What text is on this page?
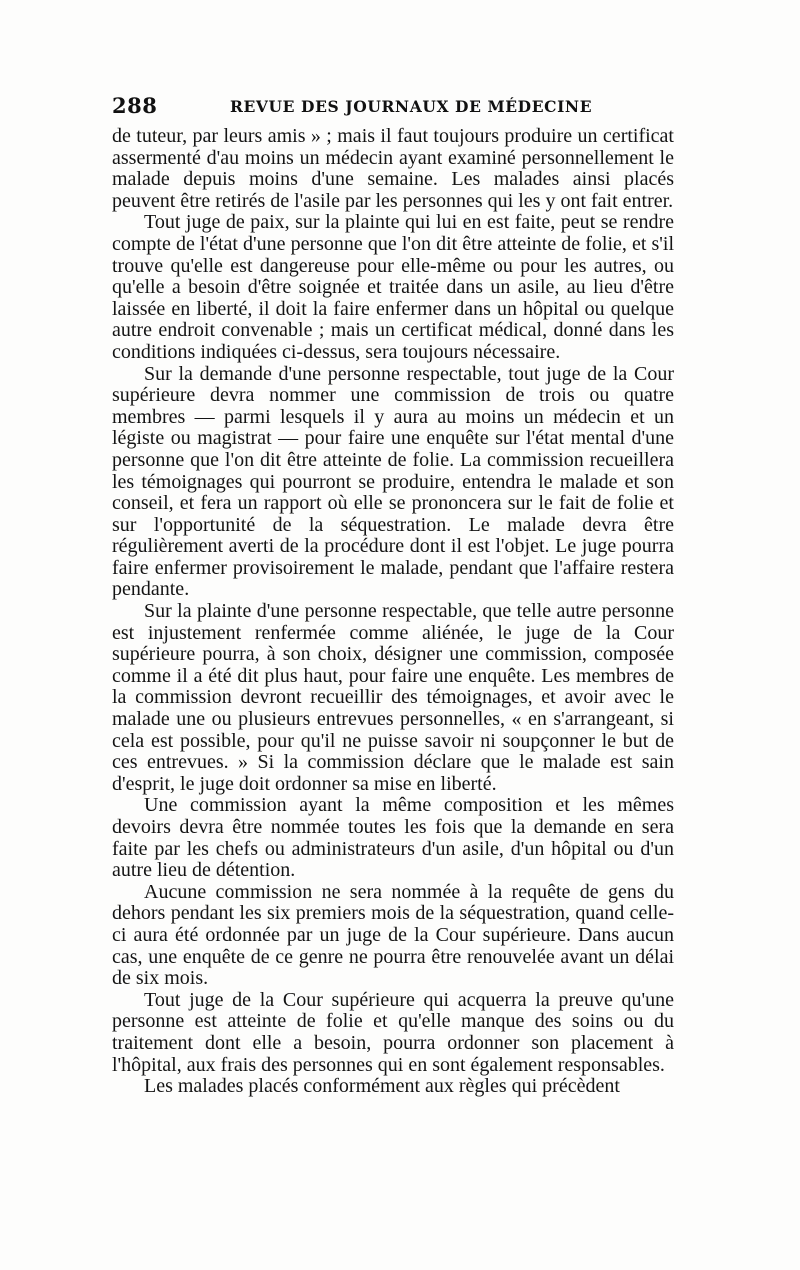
288	REVUE DES JOURNAUX DE MÉDECINE

de tuteur, par leurs amis » ; mais il faut toujours produire un certificat assermenté d'au moins un médecin ayant examiné personnellement le malade depuis moins d'une semaine. Les malades ainsi placés peuvent être retirés de l'asile par les personnes qui les y ont fait entrer.

Tout juge de paix, sur la plainte qui lui en est faite, peut se rendre compte de l'état d'une personne que l'on dit être atteinte de folie, et s'il trouve qu'elle est dangereuse pour elle-même ou pour les autres, ou qu'elle a besoin d'être soignée et traitée dans un asile, au lieu d'être laissée en liberté, il doit la faire enfermer dans un hôpital ou quelque autre endroit convenable ; mais un certificat médical, donné dans les conditions indiquées ci-dessus, sera toujours nécessaire.

Sur la demande d'une personne respectable, tout juge de la Cour supérieure devra nommer une commission de trois ou quatre membres — parmi lesquels il y aura au moins un médecin et un légiste ou magistrat — pour faire une enquête sur l'état mental d'une personne que l'on dit être atteinte de folie. La commission recueillera les témoignages qui pourront se produire, entendra le malade et son conseil, et fera un rapport où elle se prononcera sur le fait de folie et sur l'opportunité de la séquestration. Le malade devra être régulièrement averti de la procédure dont il est l'objet. Le juge pourra faire enfermer provisoirement le malade, pendant que l'affaire restera pendante.

Sur la plainte d'une personne respectable, que telle autre personne est injustement renfermée comme aliénée, le juge de la Cour supérieure pourra, à son choix, désigner une commission, composée comme il a été dit plus haut, pour faire une enquête. Les membres de la commission devront recueillir des témoignages, et avoir avec le malade une ou plusieurs entrevues personnelles, « en s'arrangeant, si cela est possible, pour qu'il ne puisse savoir ni soupçonner le but de ces entrevues. » Si la commission déclare que le malade est sain d'esprit, le juge doit ordonner sa mise en liberté.

Une commission ayant la même composition et les mêmes devoirs devra être nommée toutes les fois que la demande en sera faite par les chefs ou administrateurs d'un asile, d'un hôpital ou d'un autre lieu de détention.

Aucune commission ne sera nommée à la requête de gens du dehors pendant les six premiers mois de la séquestration, quand celle-ci aura été ordonnée par un juge de la Cour supérieure. Dans aucun cas, une enquête de ce genre ne pourra être renouvelée avant un délai de six mois.

Tout juge de la Cour supérieure qui acquerra la preuve qu'une personne est atteinte de folie et qu'elle manque des soins ou du traitement dont elle a besoin, pourra ordonner son placement à l'hôpital, aux frais des personnes qui en sont également responsables.

Les malades placés conformément aux règles qui précèdent
